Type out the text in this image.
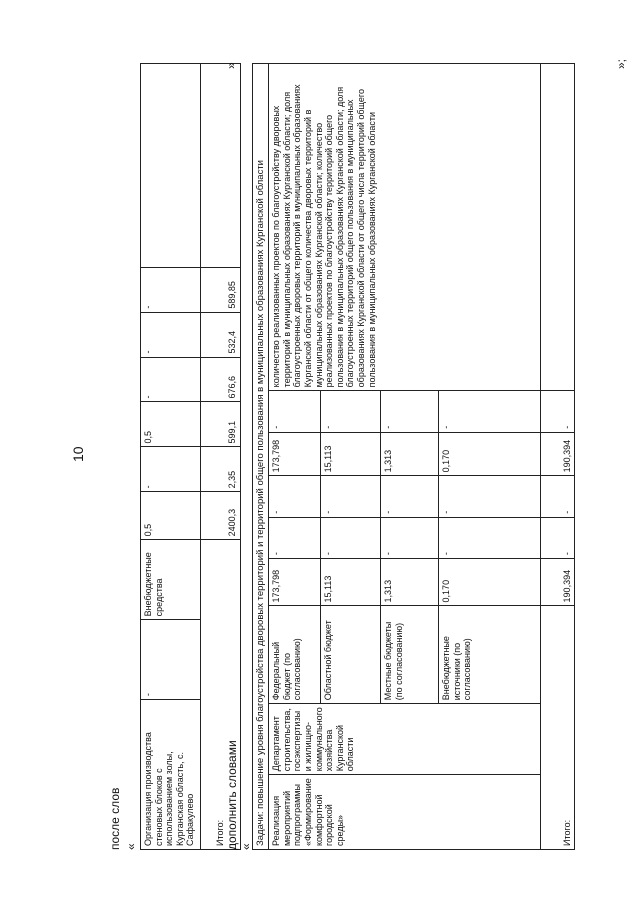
10
после слов «
Организация производства стеновых блоков с использованием золы, Курганская область, с. Сафакулево	-	Внебюджетные средства	0,5	-	0,5	-	-	-	
Итого:			2400,3	2,35	599,1	676,6	532,4	589,85	
»
дополнить словами «
Задачи: повышение уровня благоустройства дворовых территорий и территорий общего пользования в муниципальных образованиях Курганской области								
Реализация мероприятий подпрограммы «Формирование комфортной городской среды»	Департамент строительства, госэкспертизы и жилищно-коммунального хозяйства Курганской области	Федеральный бюджет (по согласованию)	173,798	-	-	173,798	-	количество реализованных проектов по благоустройству дворовых территорий в муниципальных образованиях Курганской области; доля благоустроенных дворовых территорий в муниципальных образованиях Курганской области от общего количества дворовых территорий в муниципальных образованиях Курганской области; количество реализованных проектов по благоустройству территорий общего пользования в муниципальных образованиях Курганской области; доля благоустроенных территорий общего пользования в муниципальных образованиях Курганской области от общего числа территорий общего пользования в муниципальных образованиях Курганской области
		Областной бюджет	15,113	-	-	15,113	-	
		Местные бюджеты (по согласованию)	1,313	-	-	1,313	-	
		Внебюджетные источники (по согласованию)	0,170	-	-	0,170	-	
Итого:			190,394	-	-	190,394	-	
»;
